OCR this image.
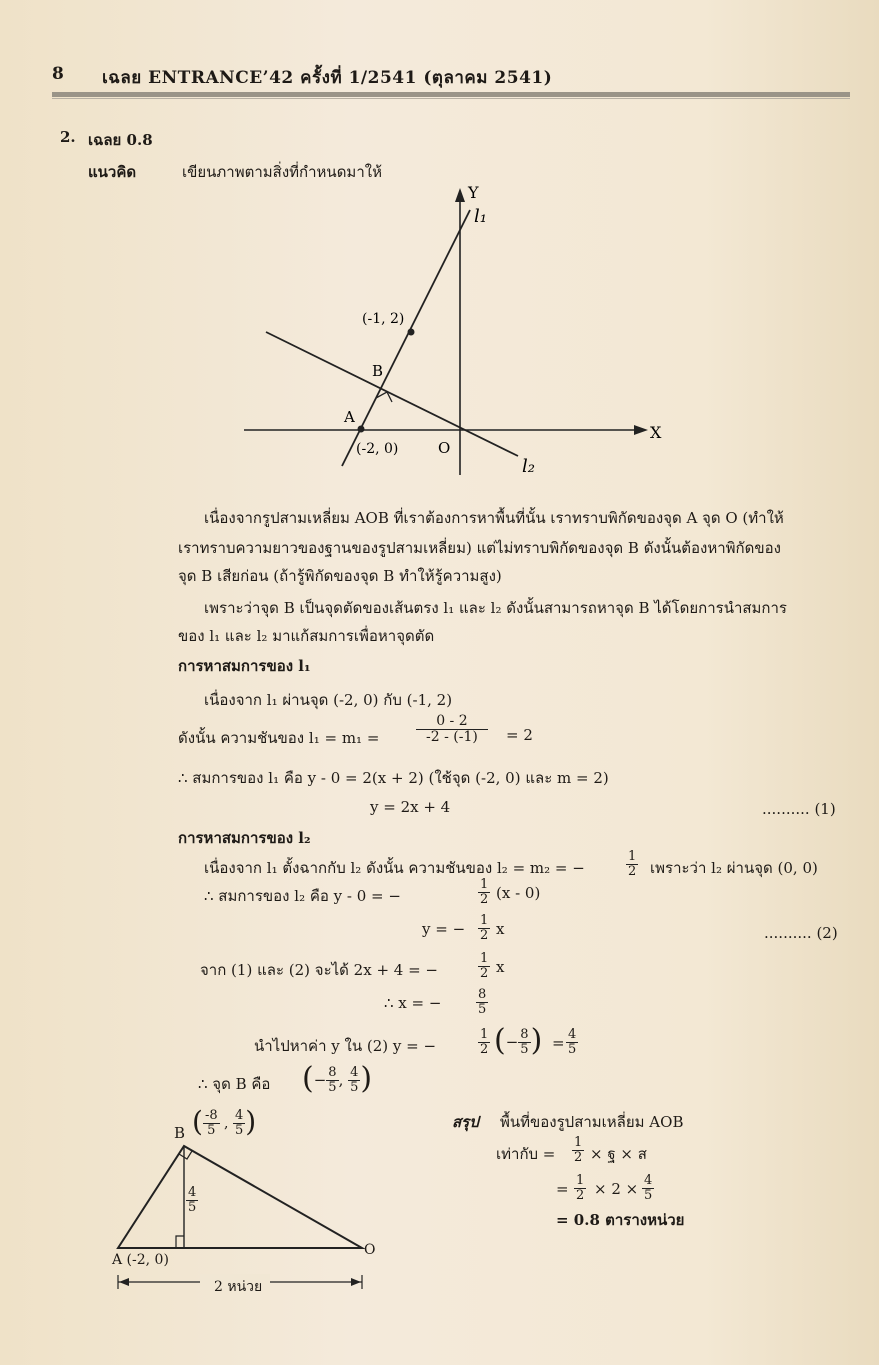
8 เฉลย ENTRANCE’42 ครั้งที่ 1/2541 (ตุลาคม 2541)
2. เฉลย 0.8
แนวคิด	เขียนภาพตามสิ่งที่กำหนดมาให้
Y
X
l₁
l₂
(-1, 2)
B
A
(-2, 0)	O
เนื่องจากรูปสามเหลี่ยม AOB ที่เราต้องการหาพื้นที่นั้น เราทราบพิกัดของจุด A จุด O (ทำให้
เราทราบความยาวของฐานของรูปสามเหลี่ยม) แต่ไม่ทราบพิกัดของจุด B ดังนั้นต้องหาพิกัดของ
จุด B เสียก่อน (ถ้ารู้พิกัดของจุด B ทำให้รู้ความสูง)
เพราะว่าจุด B เป็นจุดตัดของเส้นตรง l₁ และ l₂ ดังนั้นสามารถหาจุด B ได้โดยการนำสมการ
ของ l₁ และ l₂ มาแก้สมการเพื่อหาจุดตัด
การหาสมการของ l₁
เนื่องจาก l₁ ผ่านจุด (-2, 0) กับ (-1, 2)
ดังนั้น ความชันของ l₁ = m₁ =	$\frac{0 - 2}{-2 - (-1)} = 2$
∴ สมการของ l₁ คือ y - 0 = 2(x + 2) (ใช้จุด (-2, 0) และ m = 2)
y = 2x + 4	.......... (1)
การหาสมการของ l₂
เนื่องจาก l₁ ตั้งฉากกับ l₂ ดังนั้น ความชันของ l₂ = m₂ = −	$\frac{1}{2}$ เพราะว่า l₂ ผ่านจุด (0, 0)
∴ สมการของ l₂ คือ y - 0 = −	$\frac{1}{2} (x - 0)$
y = − $\frac{1}{2}$ x	.......... (2)
จาก (1) และ (2) จะได้ 2x + 4 = −	$\frac{1}{2}$ x
∴ x = −	$\frac{8}{5}$
นำไปหาค่า y ใน (2) y = −	$\frac{1}{2}$ (− $\frac{8}{5}$ ) = $\frac{4}{5}$
∴ จุด B คือ (− $\frac{8}{5}$ , $\frac{4}{5}$ )
B ( $\frac{-8}{5}$ , $\frac{4}{5}$ )
$\frac{4}{5}$
A (-2, 0)
O
2 หน่วย
สรุป พื้นที่ของรูปสามเหลี่ยม AOB
เท่ากับ = $\frac{1}{2}$ × ฐ × ส
= $\frac{1}{2} \times 2 \times \frac{4}{5}$
= 0.8 ตารางหน่วย
